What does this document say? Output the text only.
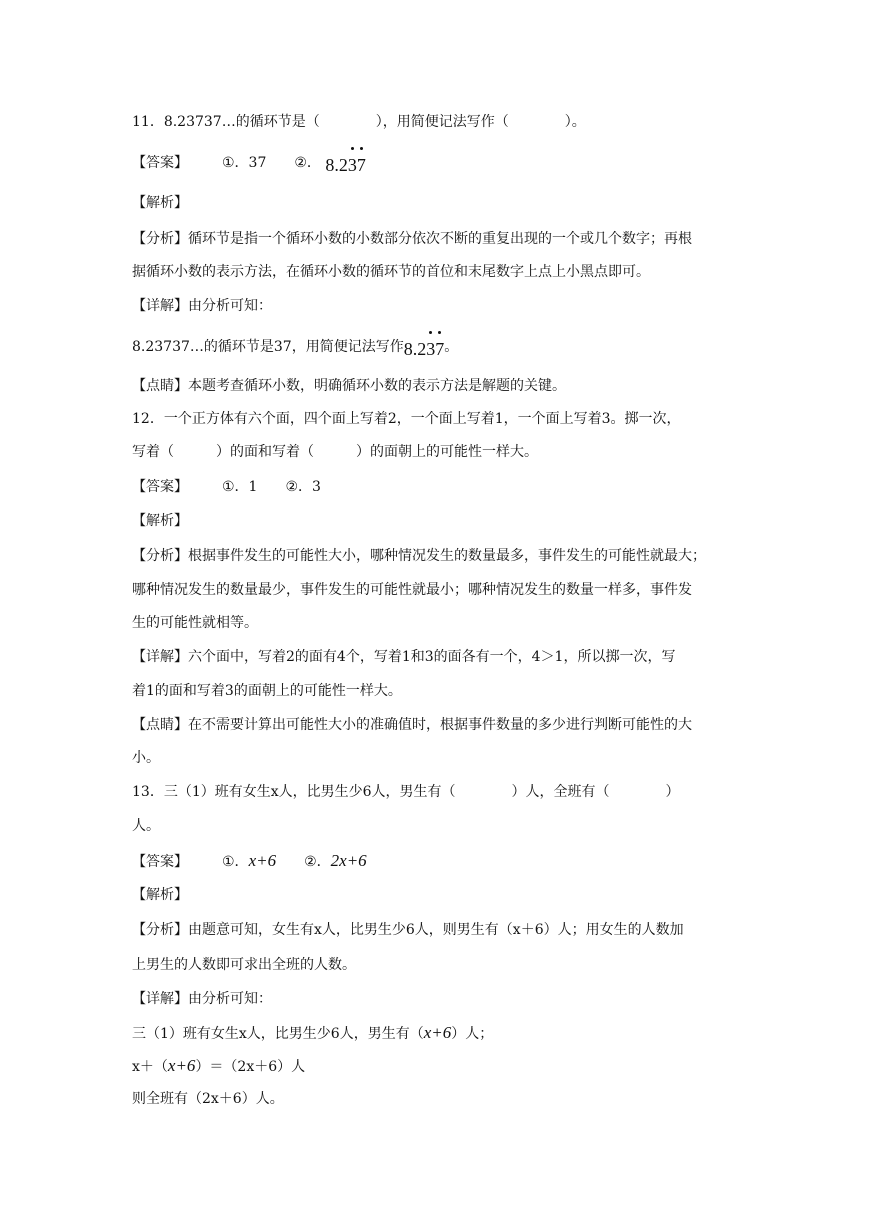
11．8.23737…的循环节是（　　　　），用简便记法写作（　　　　）。
【答案】 ①．37 ②． 8.23
7
【解析】
【分析】循环节是指一个循环小数的小数部分依次不断的重复出现的一个或几个数字；再根
据循环小数的表示方法，在循环小数的循环节的首位和末尾数字上点上小黑点即可。
【详解】由分析可知：
8.23737…的循环节是37，用简便记法写作8.23
7
。
【点睛】本题考查循环小数，明确循环小数的表示方法是解题的关键。
12．一个正方体有六个面，四个面上写着2，一个面上写着1，一个面上写着3。掷一次，
写着（　　　）的面和写着（　　　）的面朝上的可能性一样大。
【答案】 ①．1 ②．3
【解析】
【分析】根据事件发生的可能性大小，哪种情况发生的数量最多，事件发生的可能性就最大；
哪种情况发生的数量最少，事件发生的可能性就最小；哪种情况发生的数量一样多，事件发
生的可能性就相等。
【详解】六个面中，写着2的面有4个，写着1和3的面各有一个，4＞1，所以掷一次，写
着1的面和写着3的面朝上的可能性一样大。
【点睛】在不需要计算出可能性大小的准确值时，根据事件数量的多少进行判断可能性的大
小。
13．三（1）班有女生x人，比男生少6人，男生有（　　　　）人，全班有（　　　　）
人。
【答案】 ①．x+6 ②．2x+6
【解析】
【分析】由题意可知，女生有x人，比男生少6人，则男生有（x＋6）人；用女生的人数加
上男生的人数即可求出全班的人数。
【详解】由分析可知：
三（1）班有女生x人，比男生少6人，男生有（x+6）人；
x＋（x+6）＝（2x＋6）人
则全班有（2x＋6）人。
